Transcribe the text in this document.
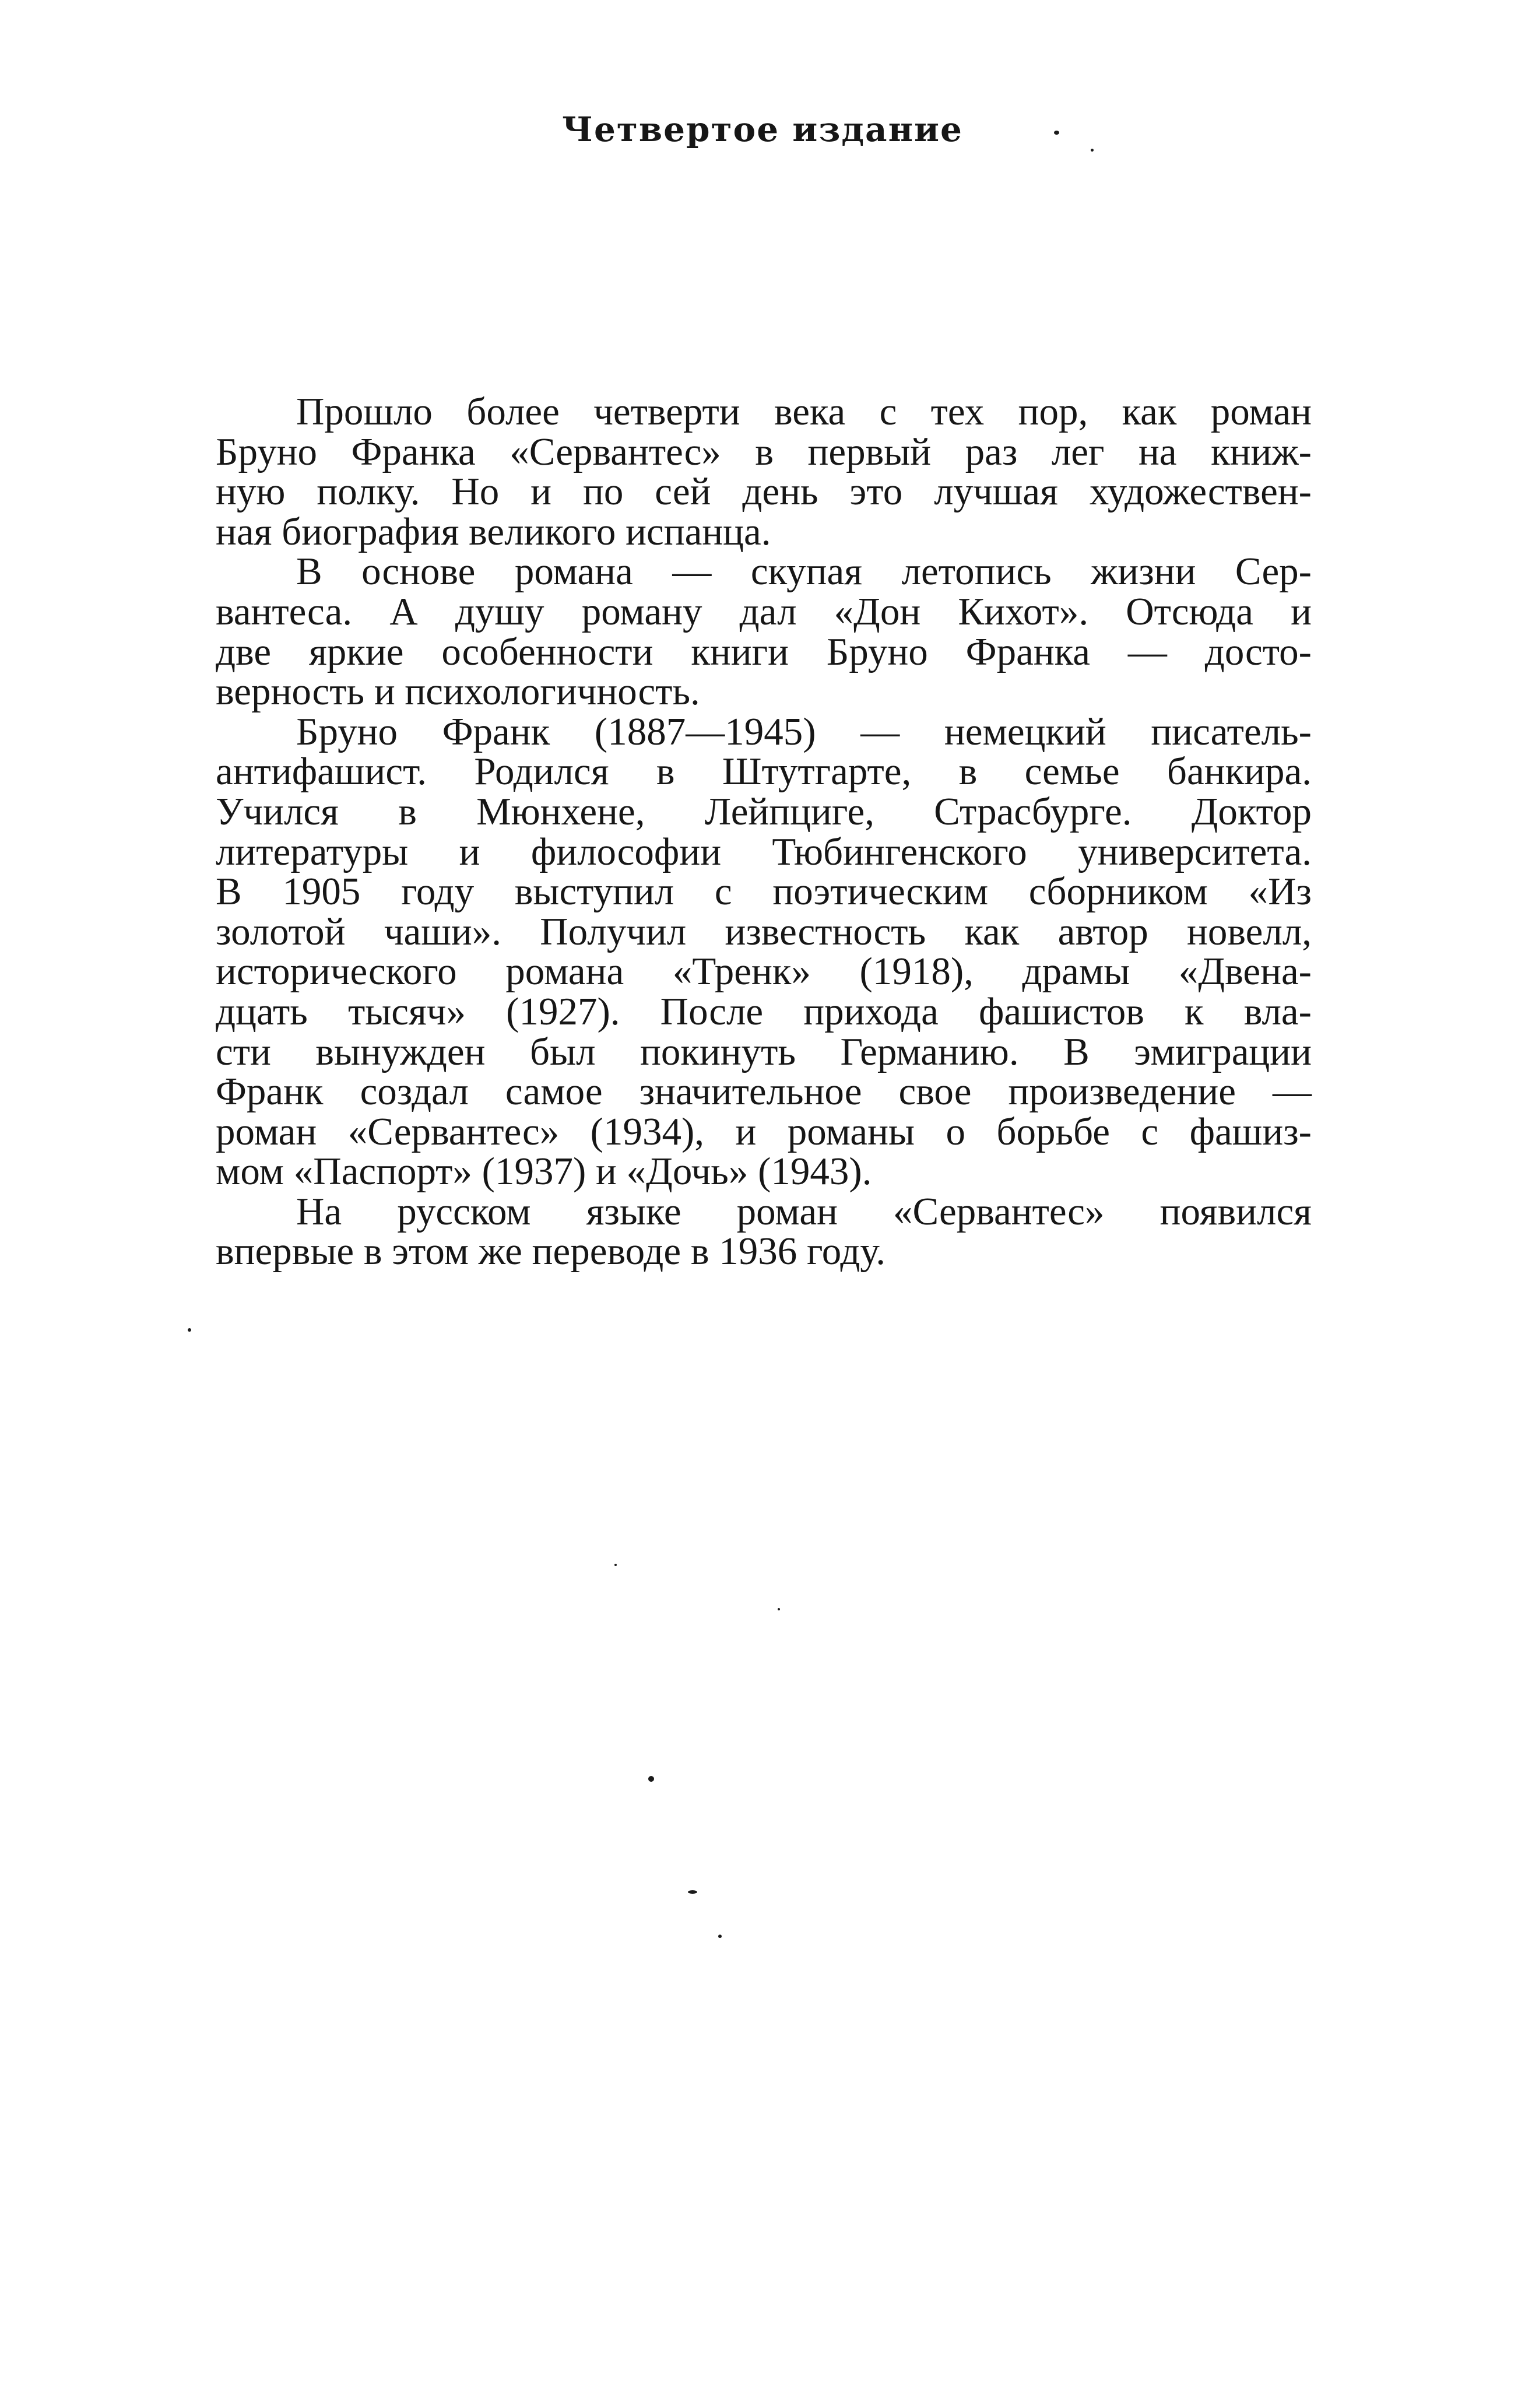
Четвертое издание
Прошло более четверти века с тех пор, как роман
Бруно Франка «Сервантес» в первый раз лег на книж-
ную полку. Но и по сей день это лучшая художествен-
ная биография великого испанца.
В основе романа — скупая летопись жизни Сер-
вантеса. А душу роману дал «Дон Кихот». Отсюда и
две яркие особенности книги Бруно Франка — досто-
верность и психологичность.
Бруно Франк (1887—1945) — немецкий писатель-
антифашист. Родился в Штутгарте, в семье банкира.
Учился в Мюнхене, Лейпциге, Страсбурге. Доктор
литературы и философии Тюбингенского университета.
В 1905 году выступил с поэтическим сборником «Из
золотой чаши». Получил известность как автор новелл,
исторического романа «Тренк» (1918), драмы «Двена-
дцать тысяч» (1927). После прихода фашистов к вла-
сти вынужден был покинуть Германию. В эмиграции
Франк создал самое значительное свое произведение —
роман «Сервантес» (1934), и романы о борьбе с фашиз-
мом «Паспорт» (1937) и «Дочь» (1943).
На русском языке роман «Сервантес» появился
впервые в этом же переводе в 1936 году.
